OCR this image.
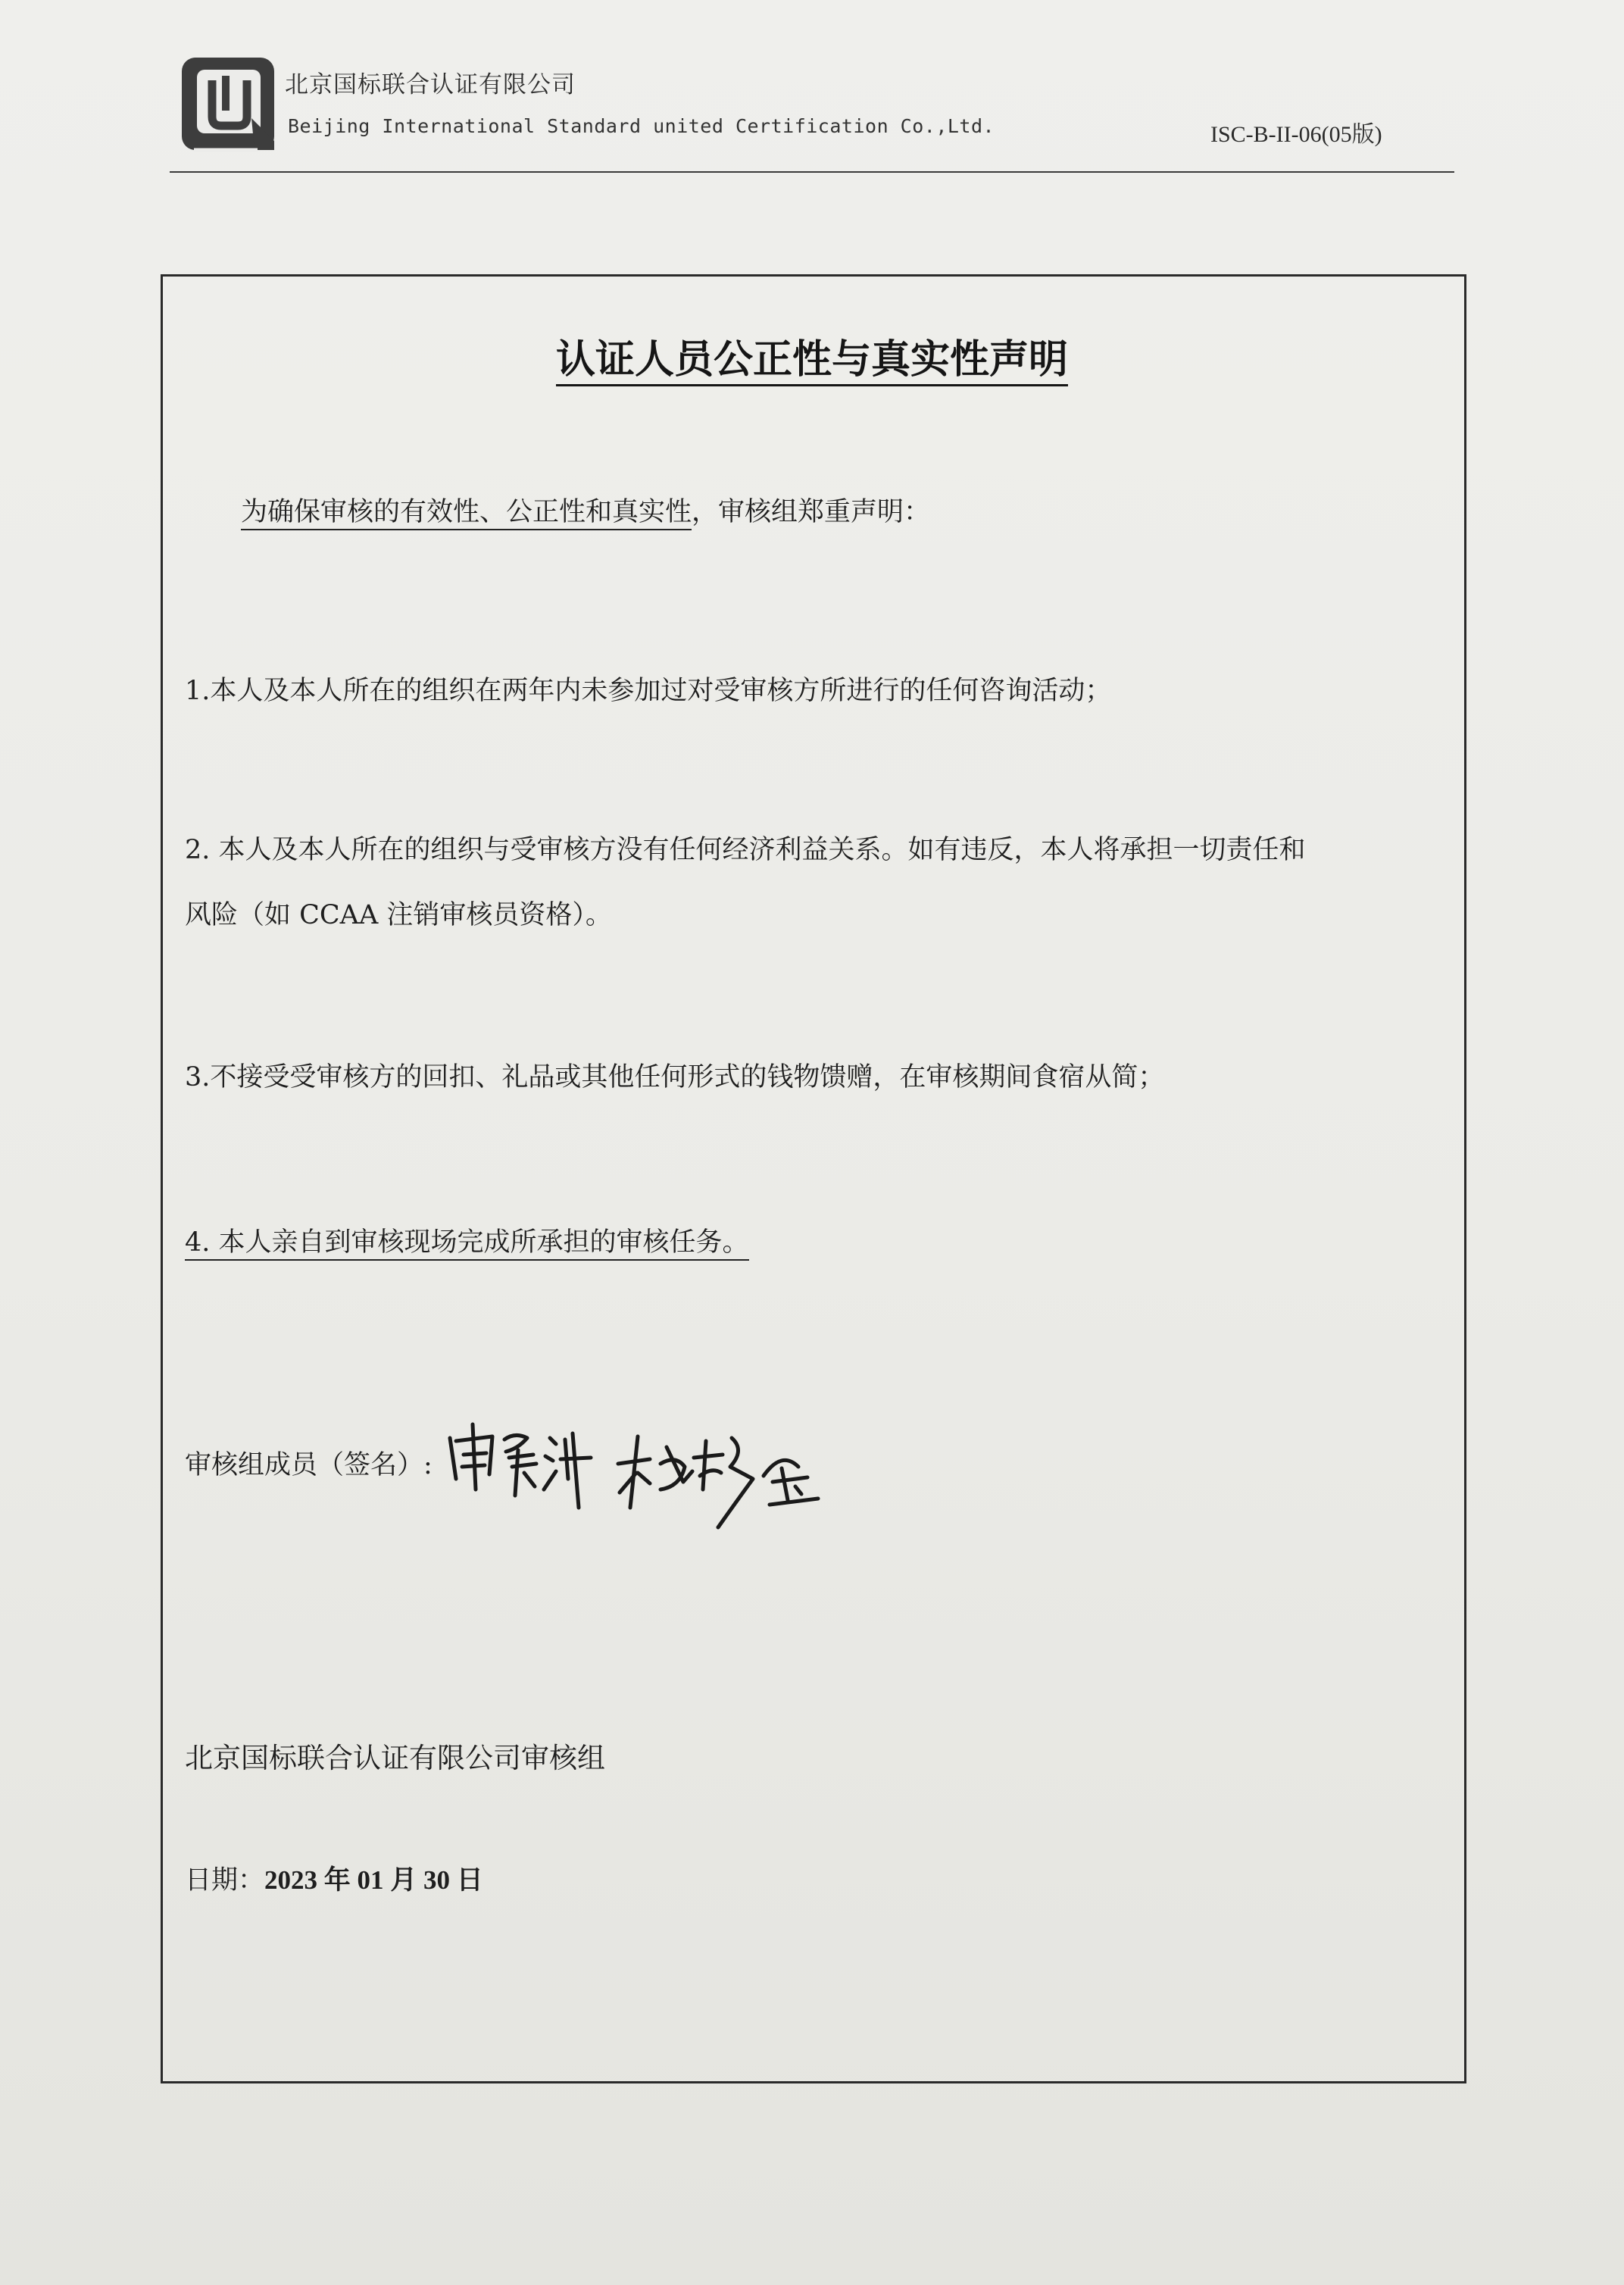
北京国标联合认证有限公司
Beijing International Standard united Certification Co.,Ltd.	ISC-B-II-06(05版)
认证人员公正性与真实性声明
为确保审核的有效性、公正性和真实性，审核组郑重声明：
1.本人及本人所在的组织在两年内未参加过对受审核方所进行的任何咨询活动；
2. 本人及本人所在的组织与受审核方没有任何经济利益关系。如有违反，本人将承担一切责任和
风险（如 CCAA 注销审核员资格）。
3.不接受受审核方的回扣、礼品或其他任何形式的钱物馈赠，在审核期间食宿从简；
4. 本人亲自到审核现场完成所承担的审核任务。
审核组成员（签名）:
北京国标联合认证有限公司审核组
日期：2023 年 01 月 30 日
